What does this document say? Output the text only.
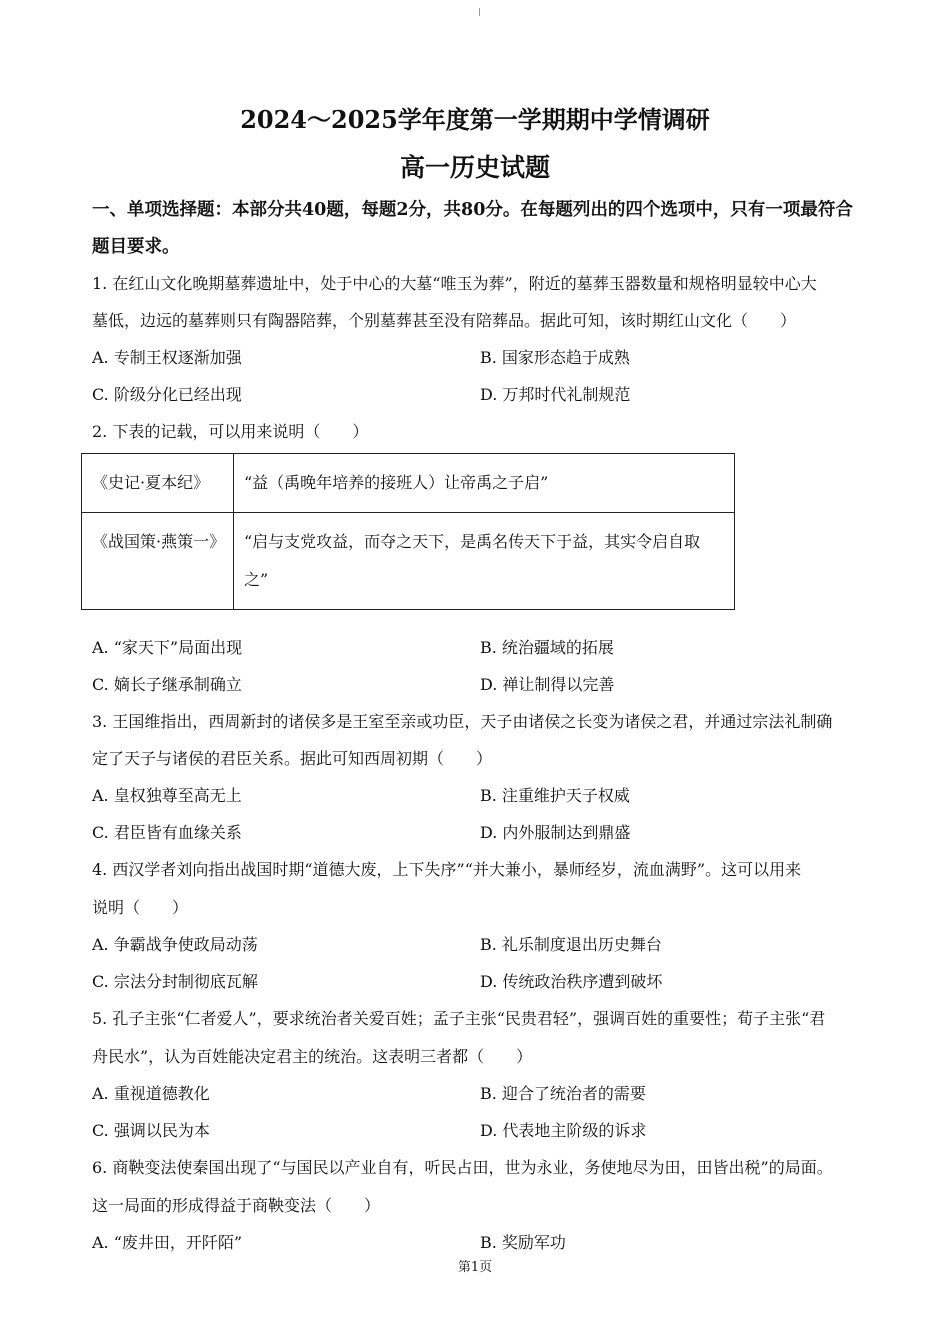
2024～2025学年度第一学期期中学情调研
高一历史试题
一、单项选择题：本部分共40题，每题2分，共80分。在每题列出的四个选项中，只有一项最符合题目要求。
1. 在红山文化晚期墓葬遗址中，处于中心的大墓“唯玉为葬”，附近的墓葬玉器数量和规格明显较中心大
墓低，边远的墓葬则只有陶器陪葬，个别墓葬甚至没有陪葬品。据此可知，该时期红山文化（　　）
A. 专制王权逐渐加强	B. 国家形态趋于成熟
C. 阶级分化已经出现	D. 万邦时代礼制规范
2. 下表的记载，可以用来说明（　　）
《史记·夏本纪》	“益（禹晚年培养的接班人）让帝禹之子启”
《战国策·燕策一》	“启与支党攻益，而夺之天下，是禹名传天下于益，其实令启自取之”
A. “家天下”局面出现	B. 统治疆域的拓展
C. 嫡长子继承制确立	D. 禅让制得以完善
3. 王国维指出，西周新封的诸侯多是王室至亲或功臣，天子由诸侯之长变为诸侯之君，并通过宗法礼制确
定了天子与诸侯的君臣关系。据此可知西周初期（　　）
A. 皇权独尊至高无上	B. 注重维护天子权威
C. 君臣皆有血缘关系	D. 内外服制达到鼎盛
4. 西汉学者刘向指出战国时期“道德大废，上下失序”“并大兼小，暴师经岁，流血满野”。这可以用来
说明（　　）
A. 争霸战争使政局动荡	B. 礼乐制度退出历史舞台
C. 宗法分封制彻底瓦解	D. 传统政治秩序遭到破坏
5. 孔子主张“仁者爱人”，要求统治者关爱百姓；孟子主张“民贵君轻”，强调百姓的重要性；荀子主张“君
舟民水”，认为百姓能决定君主的统治。这表明三者都（　　）
A. 重视道德教化	B. 迎合了统治者的需要
C. 强调以民为本	D. 代表地主阶级的诉求
6. 商鞅变法使秦国出现了“与国民以产业自有，听民占田，世为永业，务使地尽为田，田皆出税”的局面。
这一局面的形成得益于商鞅变法（　　）
A. “废井田，开阡陌”	B. 奖励军功
第1页
